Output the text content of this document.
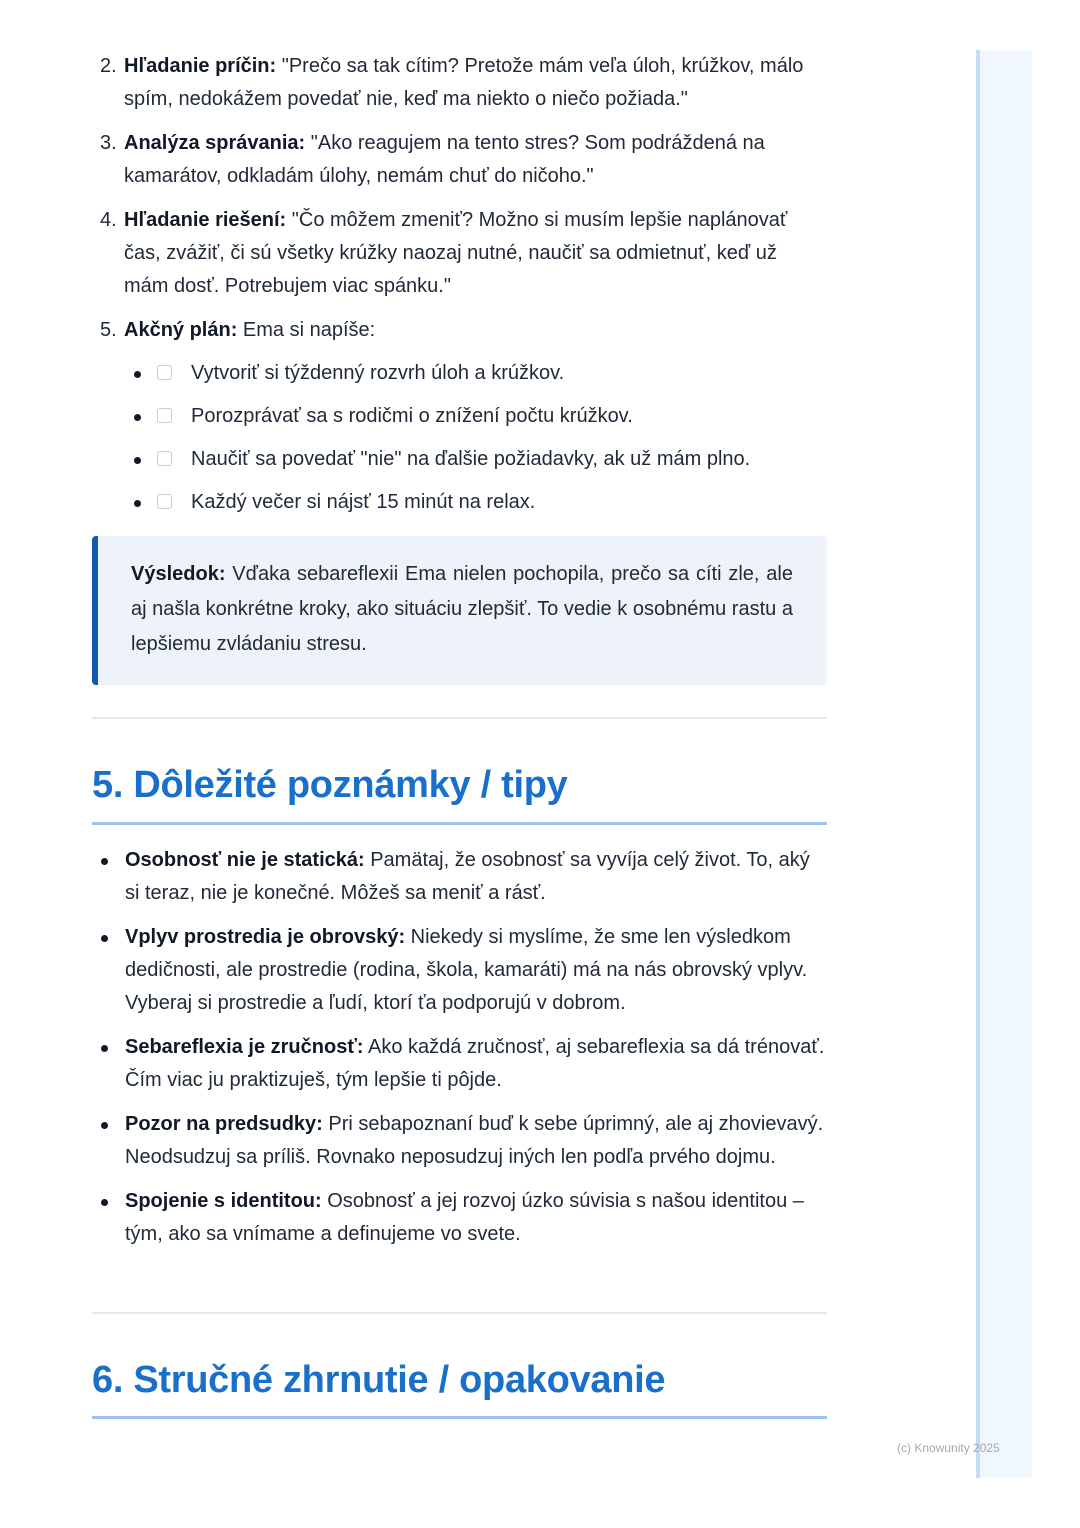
2. Hľadanie príčin: "Prečo sa tak cítim? Pretože mám veľa úloh, krúžkov, málo spím, nedokážem povedať nie, keď ma niekto o niečo požiada."
3. Analýza správania: "Ako reagujem na tento stres? Som podráždená na kamarátov, odkladám úlohy, nemám chuť do ničoho."
4. Hľadanie riešení: "Čo môžem zmeniť? Možno si musím lepšie naplánovať čas, zvážiť, či sú všetky krúžky naozaj nutné, naučiť sa odmietnuť, keď už mám dosť. Potrebujem viac spánku."
5. Akčný plán: Ema si napíše:
Vytvoriť si týždenný rozvrh úloh a krúžkov.
Porozprávať sa s rodičmi o znížení počtu krúžkov.
Naučiť sa povedať "nie" na ďalšie požiadavky, ak už mám plno.
Každý večer si nájsť 15 minút na relax.

Výsledok: Vďaka sebareflexii Ema nielen pochopila, prečo sa cíti zle, ale aj našla konkrétne kroky, ako situáciu zlepšiť. To vedie k osobnému rastu a lepšiemu zvládaniu stresu.

5. Dôležité poznámky / tipy
Osobnosť nie je statická: Pamätaj, že osobnosť sa vyvíja celý život. To, aký si teraz, nie je konečné. Môžeš sa meniť a rásť.
Vplyv prostredia je obrovský: Niekedy si myslíme, že sme len výsledkom dedičnosti, ale prostredie (rodina, škola, kamaráti) má na nás obrovský vplyv. Vyberaj si prostredie a ľudí, ktorí ťa podporujú v dobrom.
Sebareflexia je zručnosť: Ako každá zručnosť, aj sebareflexia sa dá trénovať. Čím viac ju praktizuješ, tým lepšie ti pôjde.
Pozor na predsudky: Pri sebapoznaní buď k sebe úprimný, ale aj zhovievavý. Neodsudzuj sa príliš. Rovnako neposudzuj iných len podľa prvého dojmu.
Spojenie s identitou: Osobnosť a jej rozvoj úzko súvisia s našou identitou – tým, ako sa vnímame a definujeme vo svete.
6. Stručné zhrnutie / opakovanie
(c) Knowunity 2025
